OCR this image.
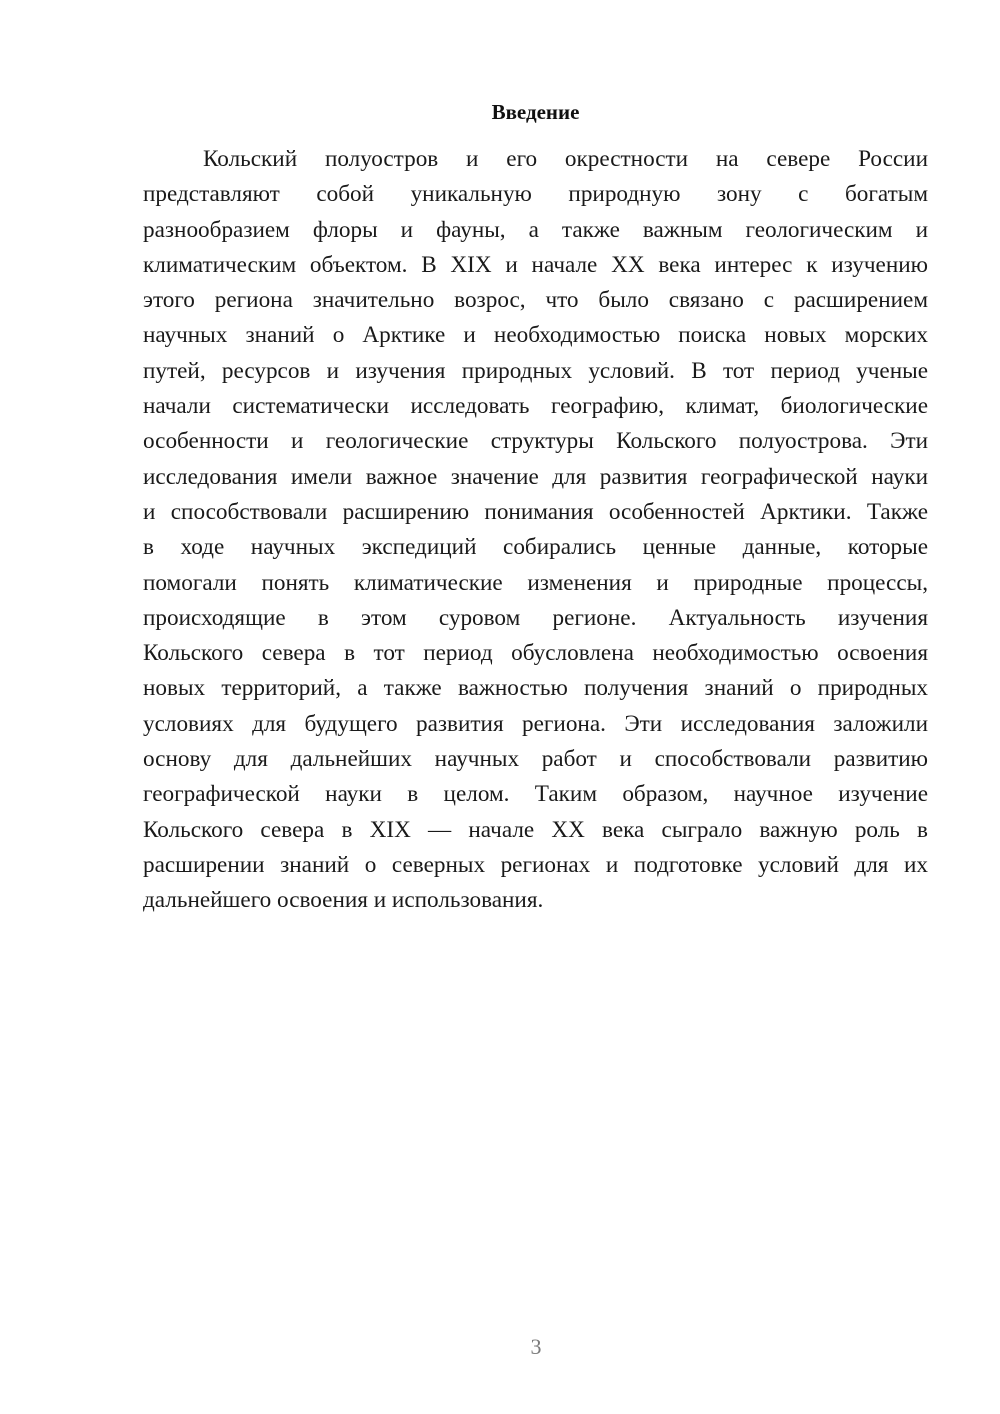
Введение
Кольский полуостров и его окрестности на севере России
представляют собой уникальную природную зону с богатым
разнообразием флоры и фауны, а также важным геологическим и
климатическим объектом. В XIX и начале XX века интерес к изучению
этого региона значительно возрос, что было связано с расширением
научных знаний о Арктике и необходимостью поиска новых морских
путей, ресурсов и изучения природных условий. В тот период ученые
начали систематически исследовать географию, климат, биологические
особенности и геологические структуры Кольского полуострова. Эти
исследования имели важное значение для развития географической науки
и способствовали расширению понимания особенностей Арктики. Также
в ходе научных экспедиций собирались ценные данные, которые
помогали понять климатические изменения и природные процессы,
происходящие в этом суровом регионе. Актуальность изучения
Кольского севера в тот период обусловлена необходимостью освоения
новых территорий, а также важностью получения знаний о природных
условиях для будущего развития региона. Эти исследования заложили
основу для дальнейших научных работ и способствовали развитию
географической науки в целом. Таким образом, научное изучение
Кольского севера в XIX — начале XX века сыграло важную роль в
расширении знаний о северных регионах и подготовке условий для их
дальнейшего освоения и использования.
3
